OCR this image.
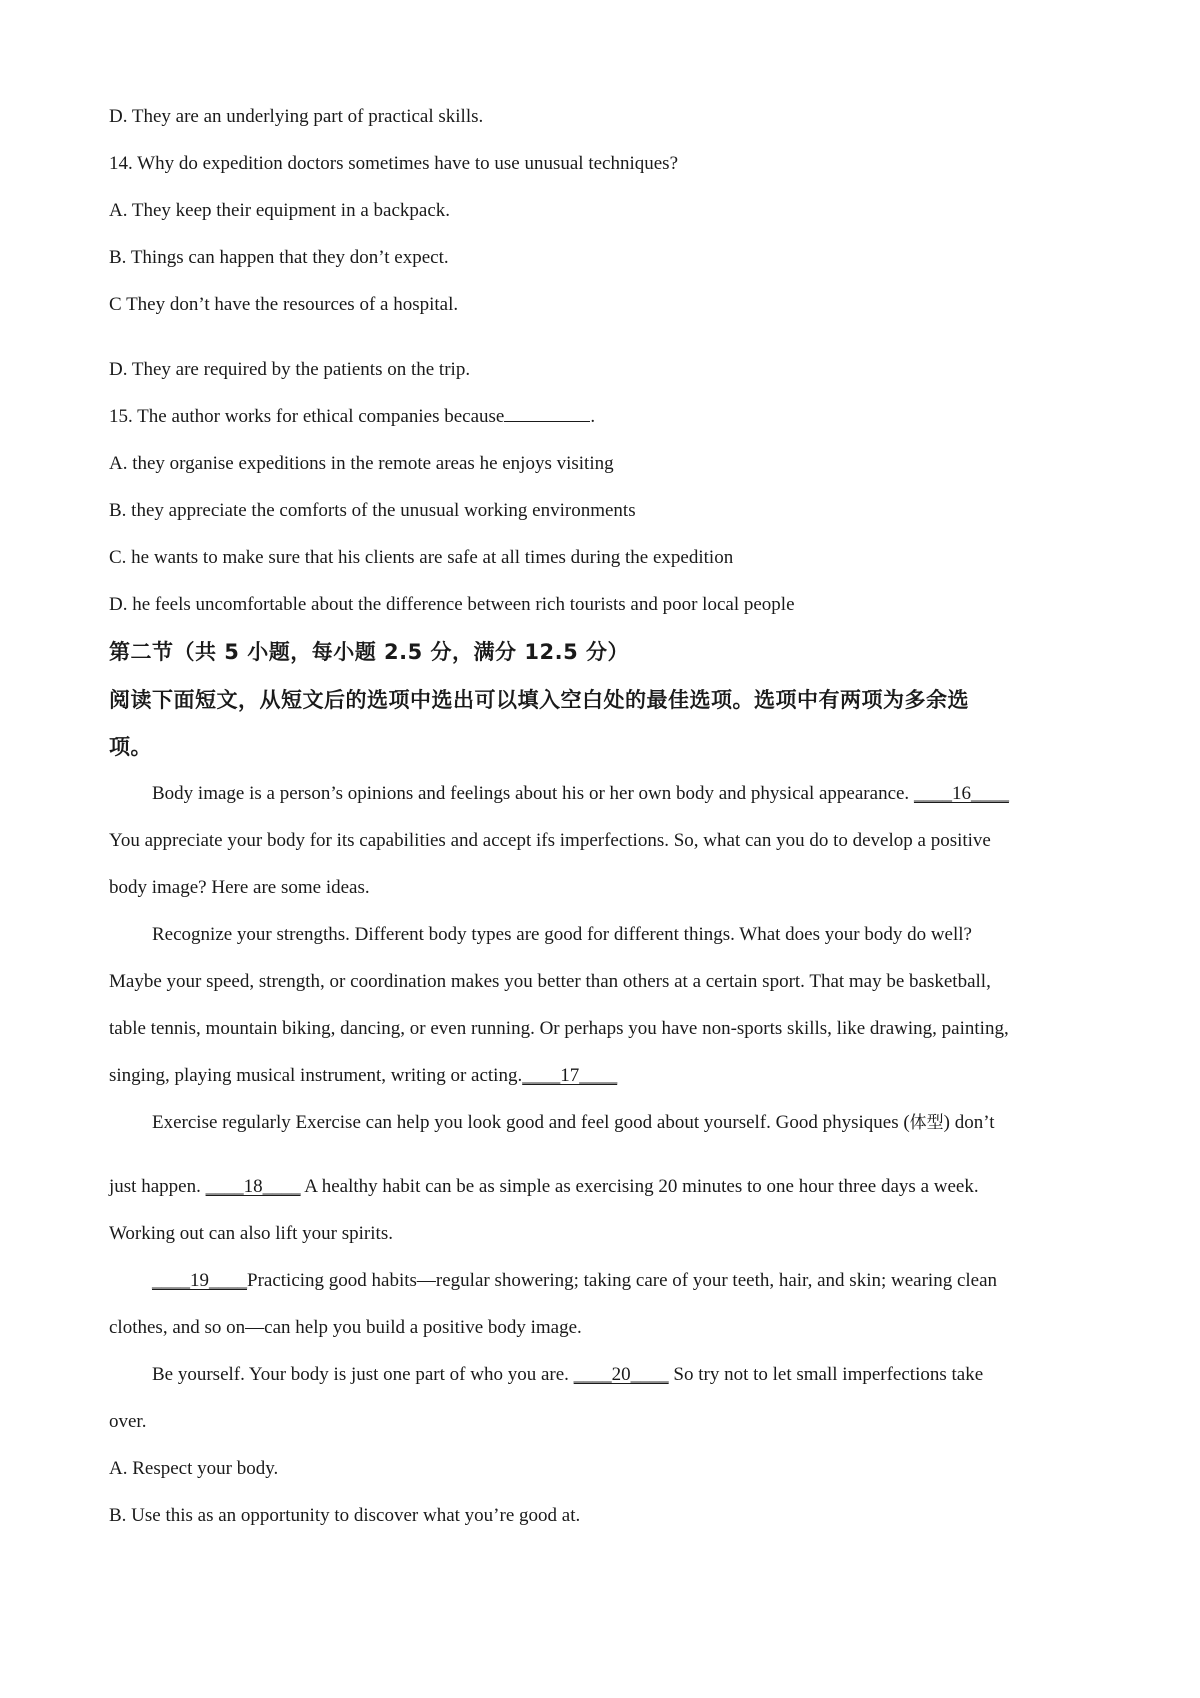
D. They are an underlying part of practical skills.
14. Why do expedition doctors sometimes have to use unusual techniques?
A. They keep their equipment in a backpack.
B. Things can happen that they don’t expect.
C They don’t have the resources of a hospital.
D. They are required by the patients on the trip.
15. The author works for ethical companies because	.
A. they organise expeditions in the remote areas he enjoys visiting
B. they appreciate the comforts of the unusual working environments
C. he wants to make sure that his clients are safe at all times during the expedition
D. he feels uncomfortable about the difference between rich tourists and poor local people
第二节（共 5 小题，每小题 2.5 分，满分 12.5 分）
阅读下面短文，从短文后的选项中选出可以填入空白处的最佳选项。选项中有两项为多余选
项。
Body image is a person’s opinions and feelings about his or her own body and physical appearance. ____16____
You appreciate your body for its capabilities and accept ifs imperfections. So, what can you do to develop a positive
body image? Here are some ideas.
Recognize your strengths. Different body types are good for different things. What does your body do well?
Maybe your speed, strength, or coordination makes you better than others at a certain sport. That may be basketball,
table tennis, mountain biking, dancing, or even running. Or perhaps you have non-sports skills, like drawing, painting,
singing, playing musical instrument, writing or acting.____17____
Exercise regularly Exercise can help you look good and feel good about yourself. Good physiques (体型) don’t
just happen. ____18____ A healthy habit can be as simple as exercising 20 minutes to one hour three days a week.
Working out can also lift your spirits.
____19____Practicing good habits—regular showering; taking care of your teeth, hair, and skin; wearing clean
clothes, and so on—can help you build a positive body image.
Be yourself. Your body is just one part of who you are. ____20____ So try not to let small imperfections take
over.
A. Respect your body.
B. Use this as an opportunity to discover what you’re good at.
